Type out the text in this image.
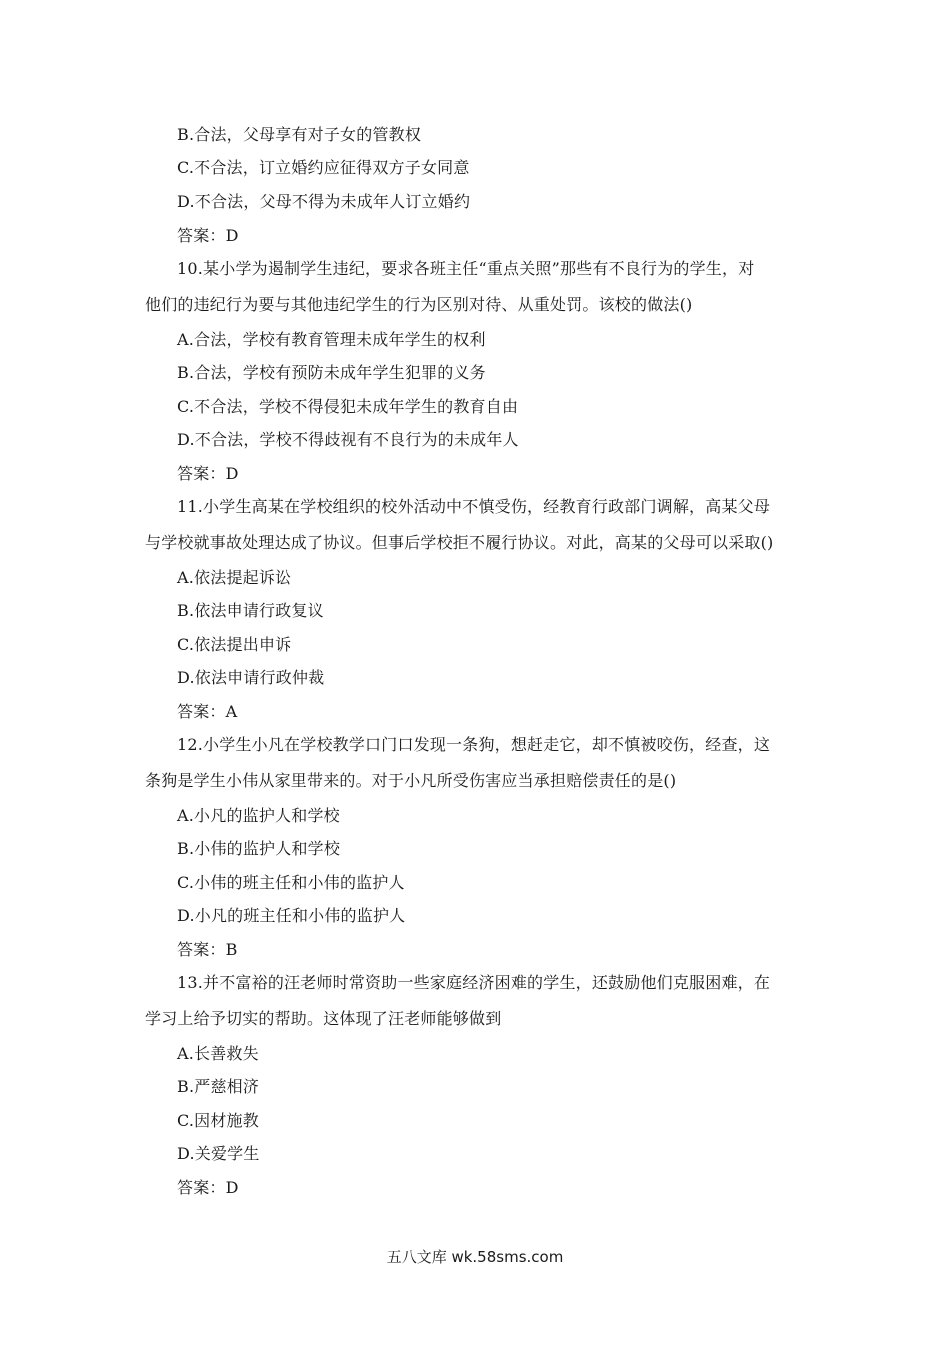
B.合法，父母享有对子女的管教权
C.不合法，订立婚约应征得双方子女同意
D.不合法，父母不得为未成年人订立婚约
答案：D
10.某小学为遏制学生违纪，要求各班主任“重点关照”那些有不良行为的学生，对
他们的违纪行为要与其他违纪学生的行为区别对待、从重处罚。该校的做法()
A.合法，学校有教育管理未成年学生的权利
B.合法，学校有预防未成年学生犯罪的义务
C.不合法，学校不得侵犯未成年学生的教育自由
D.不合法，学校不得歧视有不良行为的未成年人
答案：D
11.小学生高某在学校组织的校外活动中不慎受伤，经教育行政部门调解，高某父母
与学校就事故处理达成了协议。但事后学校拒不履行协议。对此，高某的父母可以采取()
A.依法提起诉讼
B.依法申请行政复议
C.依法提出申诉
D.依法申请行政仲裁
答案：A
12.小学生小凡在学校教学口门口发现一条狗，想赶走它，却不慎被咬伤，经查，这
条狗是学生小伟从家里带来的。对于小凡所受伤害应当承担赔偿责任的是()
A.小凡的监护人和学校
B.小伟的监护人和学校
C.小伟的班主任和小伟的监护人
D.小凡的班主任和小伟的监护人
答案：B
13.并不富裕的汪老师时常资助一些家庭经济困难的学生，还鼓励他们克服困难，在
学习上给予切实的帮助。这体现了汪老师能够做到
A.长善救失
B.严慈相济
C.因材施教
D.关爱学生
答案：D
五八文库 wk.58sms.com
